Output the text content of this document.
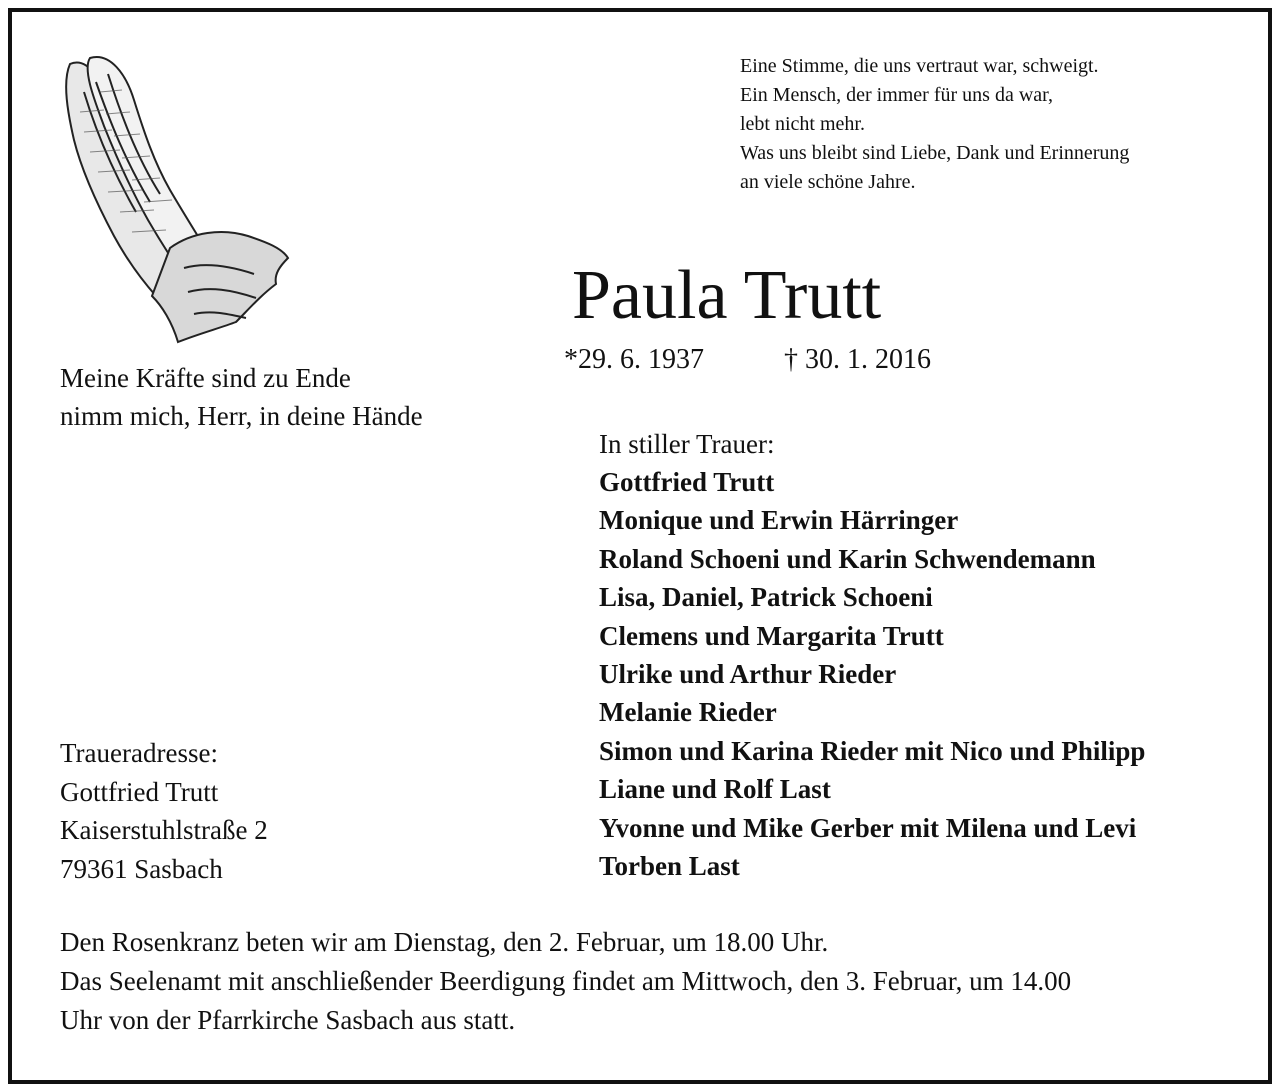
Eine Stimme, die uns vertraut war, schweigt.
Ein Mensch, der immer für uns da war,
lebt nicht mehr.
Was uns bleibt sind Liebe, Dank und Erinnerung
an viele schöne Jahre.
Paula Trutt
*29. 6. 1937	† 30. 1. 2016
Meine Kräfte sind zu Ende
nimm mich, Herr, in deine Hände
In stiller Trauer:
Gottfried Trutt
Monique und Erwin Härringer
Roland Schoeni und Karin Schwendemann
Lisa, Daniel, Patrick Schoeni
Clemens und Margarita Trutt
Ulrike und Arthur Rieder
Melanie Rieder
Simon und Karina Rieder mit Nico und Philipp
Liane und Rolf Last
Yvonne und Mike Gerber mit Milena und Levi
Torben Last
Traueradresse:
Gottfried Trutt
Kaiserstuhlstraße 2
79361 Sasbach
Den Rosenkranz beten wir am Dienstag, den 2. Februar, um 18.00 Uhr.
Das Seelenamt mit anschließender Beerdigung findet am Mittwoch, den 3. Februar, um 14.00
Uhr von der Pfarrkirche Sasbach aus statt.
